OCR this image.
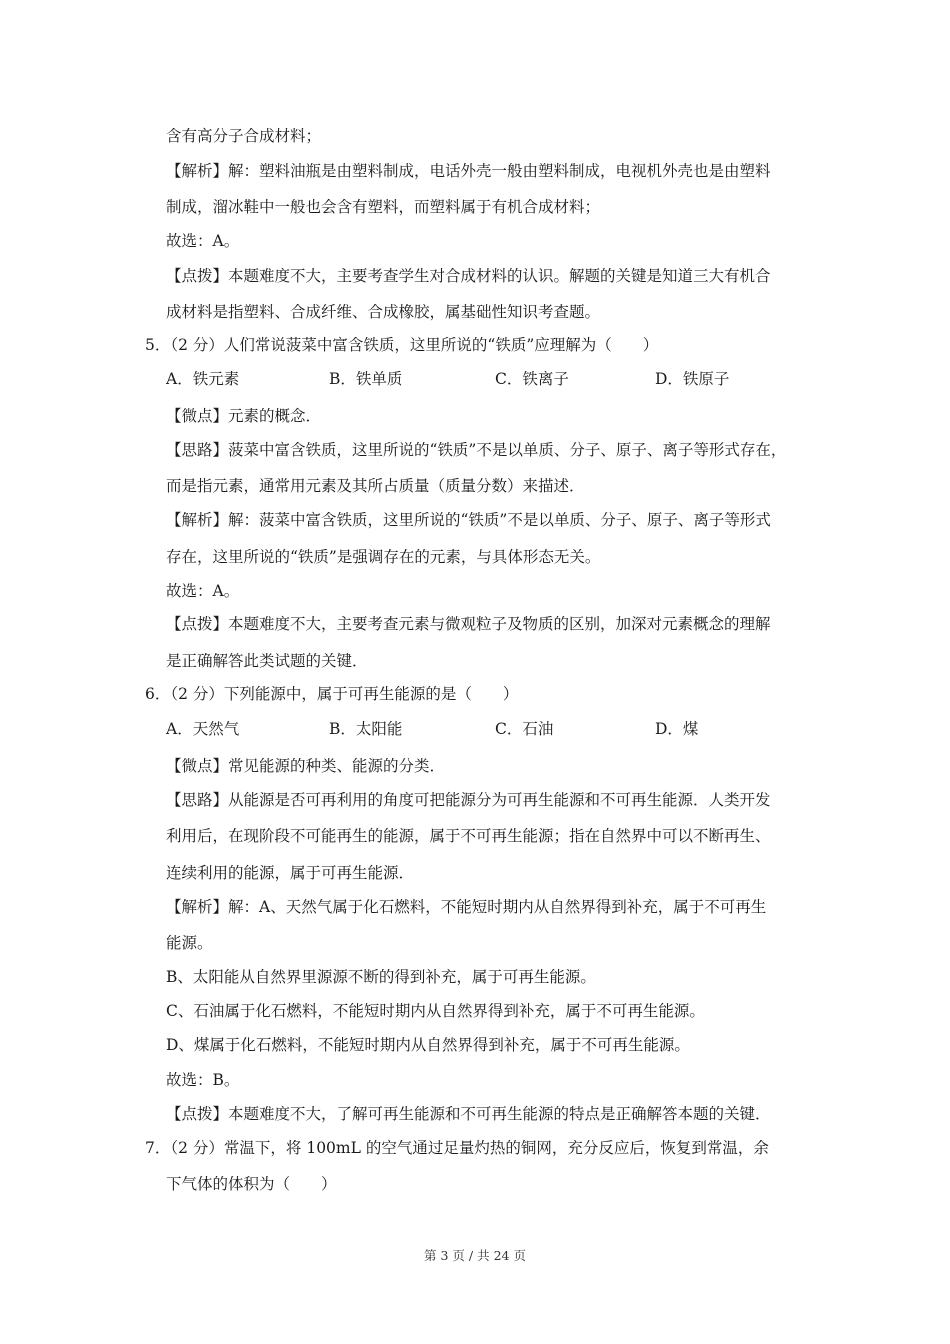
含有高分子合成材料；
【解析】解：塑料油瓶是由塑料制成，电话外壳一般由塑料制成，电视机外壳也是由塑料
制成，溜冰鞋中一般也会含有塑料，而塑料属于有机合成材料；
故选：A。
【点拨】本题难度不大，主要考查学生对合成材料的认识。解题的关键是知道三大有机合
成材料是指塑料、合成纤维、合成橡胶，属基础性知识考查题。
5．（2 分）人们常说菠菜中富含铁质，这里所说的“铁质”应理解为（　　）
A．铁元素	B．铁单质	C．铁离子	D．铁原子
【微点】元素的概念．
【思路】菠菜中富含铁质，这里所说的“铁质”不是以单质、分子、原子、离子等形式存在，
而是指元素，通常用元素及其所占质量（质量分数）来描述．
【解析】解：菠菜中富含铁质，这里所说的“铁质”不是以单质、分子、原子、离子等形式
存在，这里所说的“铁质”是强调存在的元素，与具体形态无关。
故选：A。
【点拨】本题难度不大，主要考查元素与微观粒子及物质的区别，加深对元素概念的理解
是正确解答此类试题的关键．
6．（2 分）下列能源中，属于可再生能源的是（　　）
A．天然气	B．太阳能	C．石油	D．煤
【微点】常见能源的种类、能源的分类．
【思路】从能源是否可再利用的角度可把能源分为可再生能源和不可再生能源．人类开发
利用后，在现阶段不可能再生的能源，属于不可再生能源；指在自然界中可以不断再生、
连续利用的能源，属于可再生能源．
【解析】解：A、天然气属于化石燃料，不能短时期内从自然界得到补充，属于不可再生
能源。
B、太阳能从自然界里源源不断的得到补充，属于可再生能源。
C、石油属于化石燃料，不能短时期内从自然界得到补充，属于不可再生能源。
D、煤属于化石燃料，不能短时期内从自然界得到补充，属于不可再生能源。
故选：B。
【点拨】本题难度不大，了解可再生能源和不可再生能源的特点是正确解答本题的关键．
7．（2 分）常温下，将 100mL 的空气通过足量灼热的铜网，充分反应后，恢复到常温，余
下气体的体积为（　　）
第 3 页 / 共 24 页
